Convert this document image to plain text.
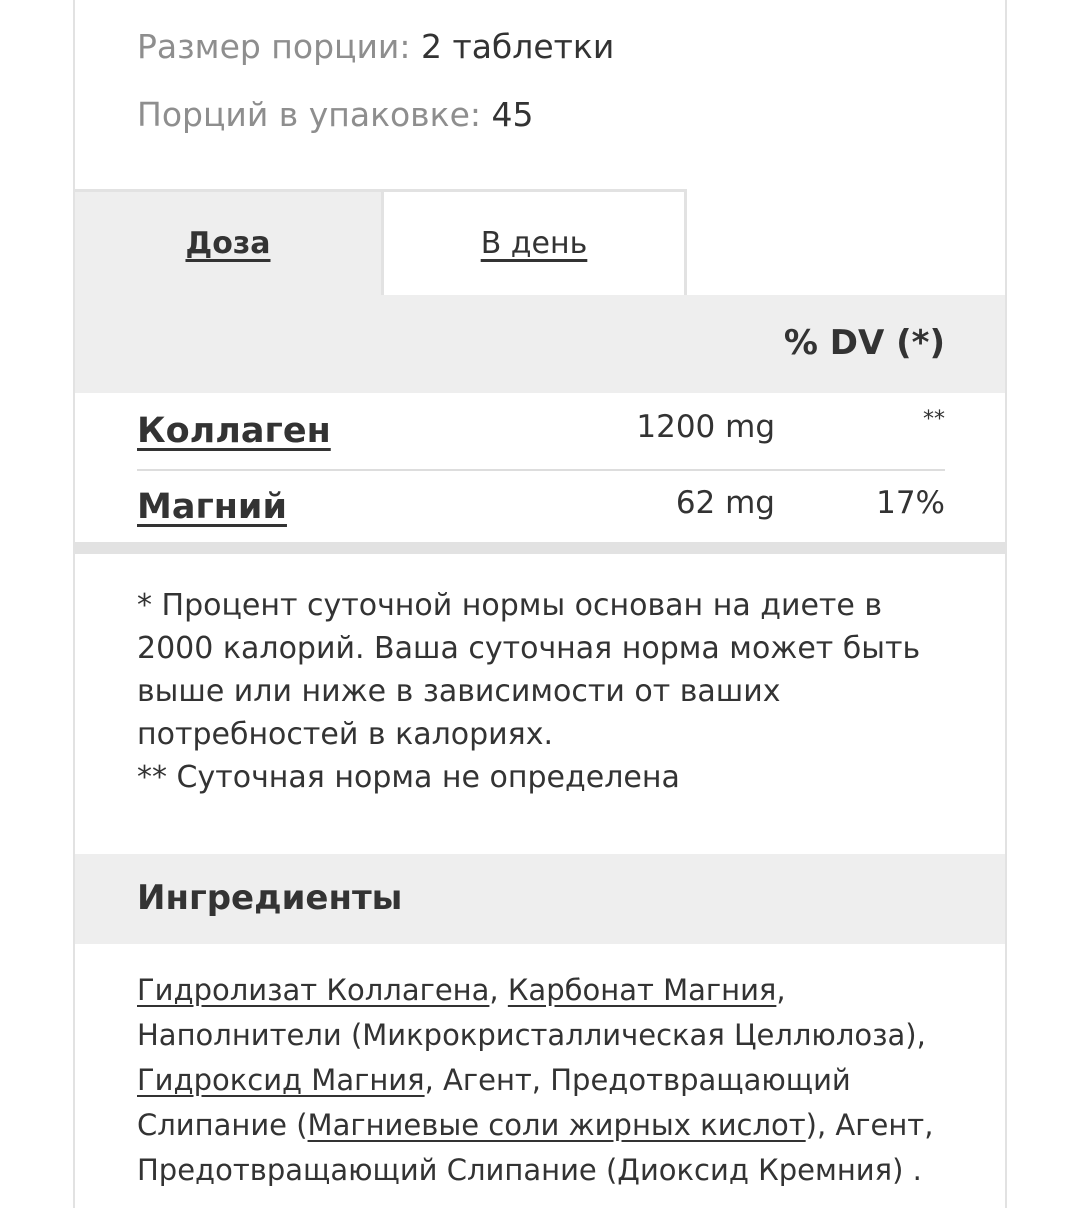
Размер порции: 2 таблетки
Порций в упаковке: 45
Доза	В день
% DV (*)
Коллаген	1200 mg	**
Магний	62 mg	17%

* Процент суточной нормы основан на диете в 2000 калорий. Ваша суточная норма может быть выше или ниже в зависимости от ваших потребностей в калориях.

** Суточная норма не определена

Ингредиенты
Гидролизат Коллагена, Карбонат Магния, Наполнители (Микрокристаллическая Целлюлоза), Гидроксид Магния, Агент, Предотвращающий Слипание (Магниевые соли жирных кислот), Агент, Предотвращающий Слипание (Диоксид Кремния) .
